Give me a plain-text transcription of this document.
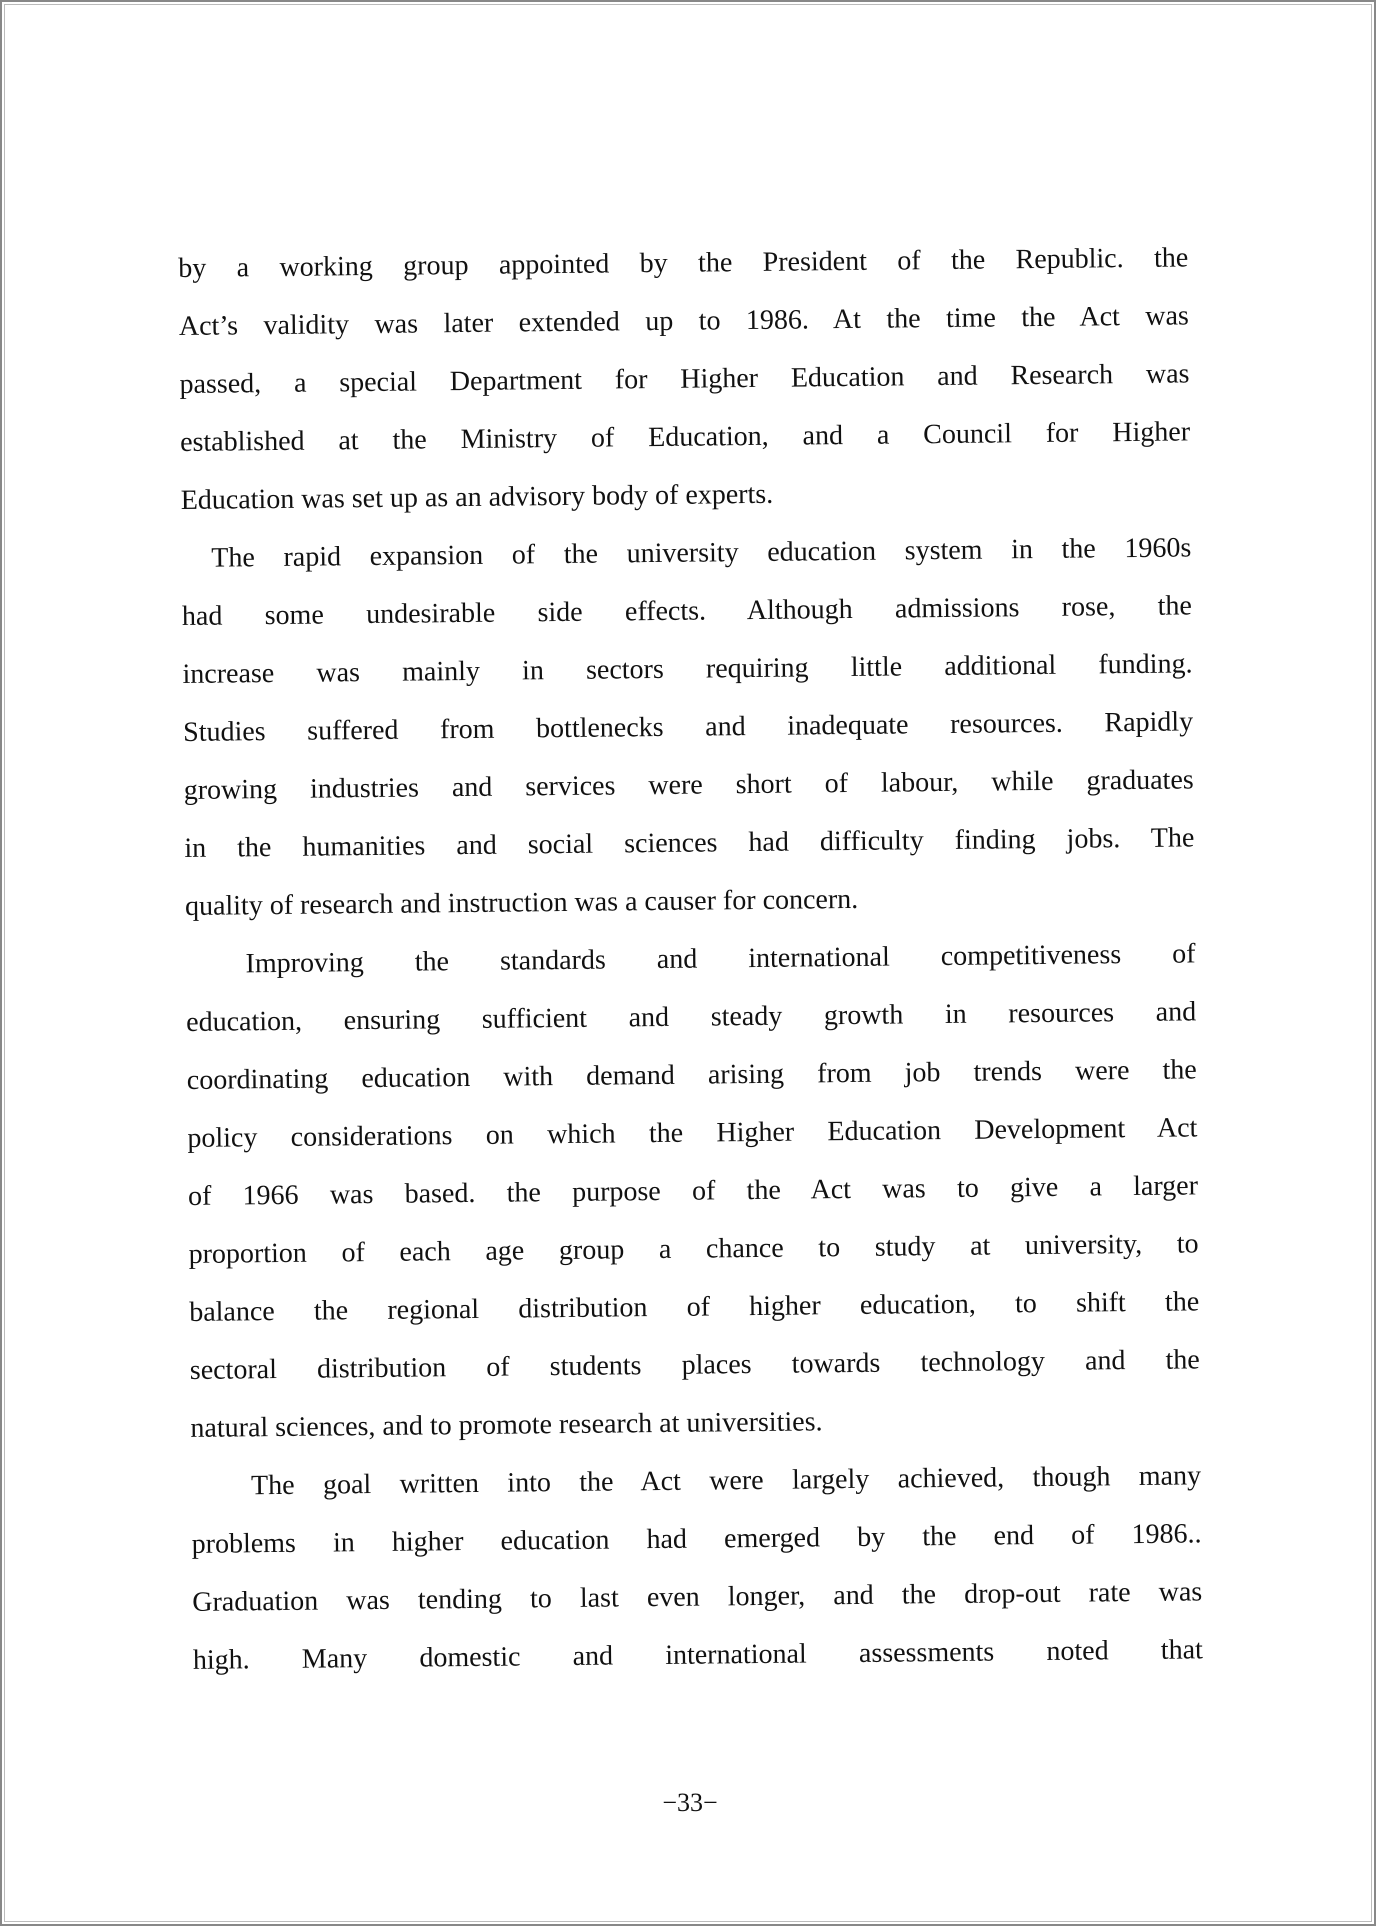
by a working group appointed by the President of the Republic. the
Act’s validity was later extended up to 1986. At the time the Act was
passed, a special Department for Higher Education and Research was
established at the Ministry of Education, and a Council for Higher
Education was set up as an advisory body of experts.
The rapid expansion of the university education system in the 1960s
had some undesirable side effects. Although admissions rose, the
increase was mainly in sectors requiring little additional funding.
Studies suffered from bottlenecks and inadequate resources. Rapidly
growing industries and services were short of labour, while graduates
in the humanities and social sciences had difficulty finding jobs. The
quality of research and instruction was a causer for concern.
Improving the standards and international competitiveness of
education, ensuring sufficient and steady growth in resources and
coordinating education with demand arising from job trends were the
policy considerations on which the Higher Education Development Act
of 1966 was based. the purpose of the Act was to give a larger
proportion of each age group a chance to study at university, to
balance the regional distribution of higher education, to shift the
sectoral distribution of students places towards technology and the
natural sciences, and to promote research at universities.
The goal written into the Act were largely achieved, though many
problems in higher education had emerged by the end of 1986..
Graduation was tending to last even longer, and the drop-out rate was
high. Many domestic and international assessments noted that
−33−
